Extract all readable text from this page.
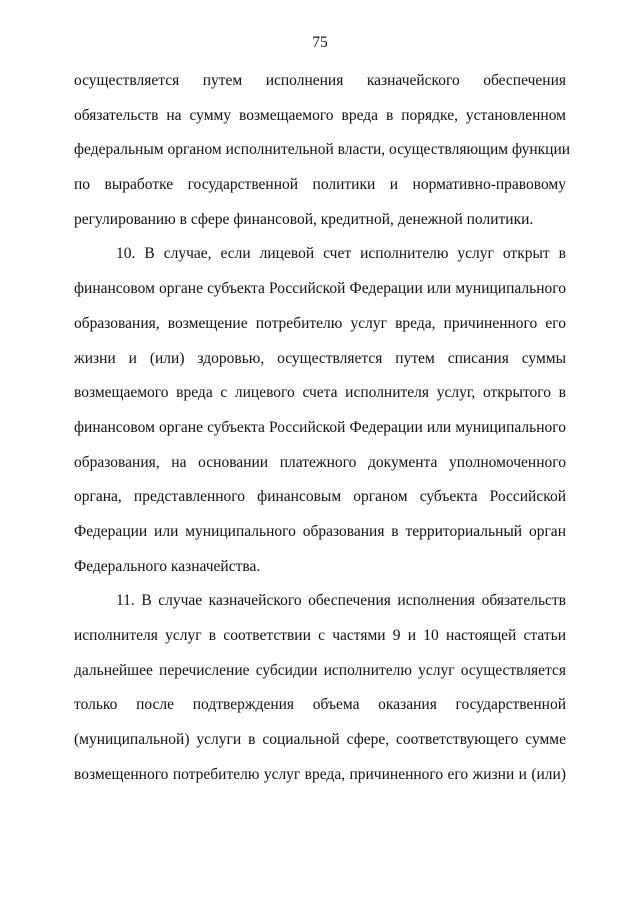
75
осуществляется путем исполнения казначейского обеспечения
обязательств на сумму возмещаемого вреда в порядке, установленном
федеральным органом исполнительной власти, осуществляющим функции
по выработке государственной политики и нормативно-правовому
регулированию в сфере финансовой, кредитной, денежной политики.
10. В случае, если лицевой счет исполнителю услуг открыт в
финансовом органе субъекта Российской Федерации или муниципального
образования, возмещение потребителю услуг вреда, причиненного его
жизни и (или) здоровью, осуществляется путем списания суммы
возмещаемого вреда с лицевого счета исполнителя услуг, открытого в
финансовом органе субъекта Российской Федерации или муниципального
образования, на основании платежного документа уполномоченного
органа, представленного финансовым органом субъекта Российской
Федерации или муниципального образования в территориальный орган
Федерального казначейства.
11. В случае казначейского обеспечения исполнения обязательств
исполнителя услуг в соответствии с частями 9 и 10 настоящей статьи
дальнейшее перечисление субсидии исполнителю услуг осуществляется
только после подтверждения объема оказания государственной
(муниципальной) услуги в социальной сфере, соответствующего сумме
возмещенного потребителю услуг вреда, причиненного его жизни и (или)
